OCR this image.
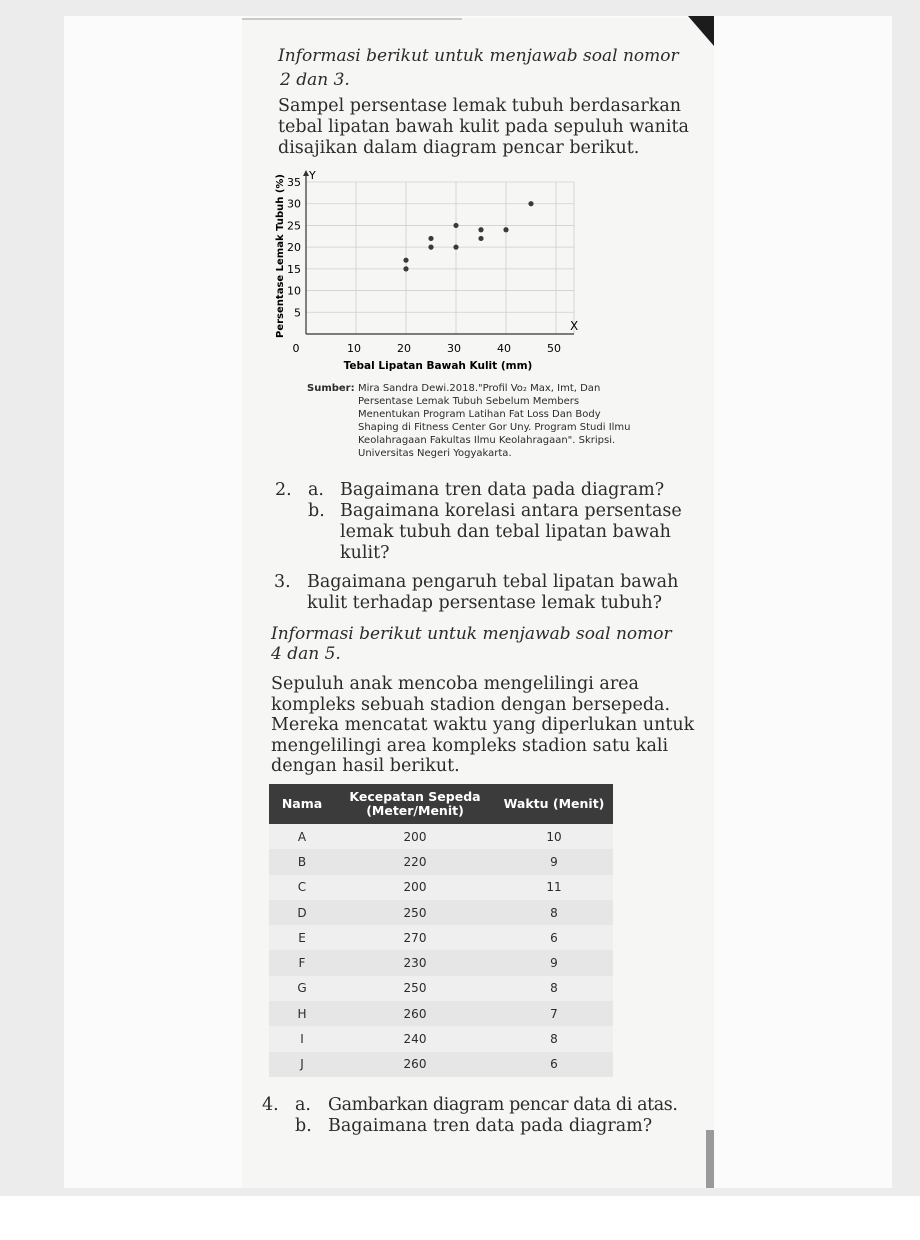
Informasi berikut untuk menjawab soal nomor
2 dan 3.
Sampel persentase lemak tubuh berdasarkan
tebal lipatan bawah kulit pada sepuluh wanita
disajikan dalam diagram pencar berikut.
5
10
15
20
25
30
35
0	10	20	30	40	50
X
Y
Tebal Lipatan Bawah Kulit (mm)
Persentase Lemak Tubuh (%)
Sumber: Mira Sandra Dewi.2018."Profil Vo₂ Max, Imt, Dan
Persentase Lemak Tubuh Sebelum Members
Menentukan Program Latihan Fat Loss Dan Body
Shaping di Fitness Center Gor Uny. Program Studi Ilmu
Keolahragaan Fakultas Ilmu Keolahragaan". Skripsi.
Universitas Negeri Yogyakarta.
2. a. Bagaimana tren data pada diagram?
b. Bagaimana korelasi antara persentase
lemak tubuh dan tebal lipatan bawah
kulit?
3. Bagaimana pengaruh tebal lipatan bawah
kulit terhadap persentase lemak tubuh?
Informasi berikut untuk menjawab soal nomor
4 dan 5.
Sepuluh anak mencoba mengelilingi area
kompleks sebuah stadion dengan bersepeda.
Mereka mencatat waktu yang diperlukan untuk
mengelilingi area kompleks stadion satu kali
dengan hasil berikut.
Nama	Kecepatan Sepeda (Meter/Menit)	Waktu (Menit)
A	200	10
B	220	9
C	200	11
D	250	8
E	270	6
F	230	9
G	250	8
H	260	7
I	240	8
J	260	6
4. a. Gambarkan diagram pencar data di atas.
b. Bagaimana tren data pada diagram?
